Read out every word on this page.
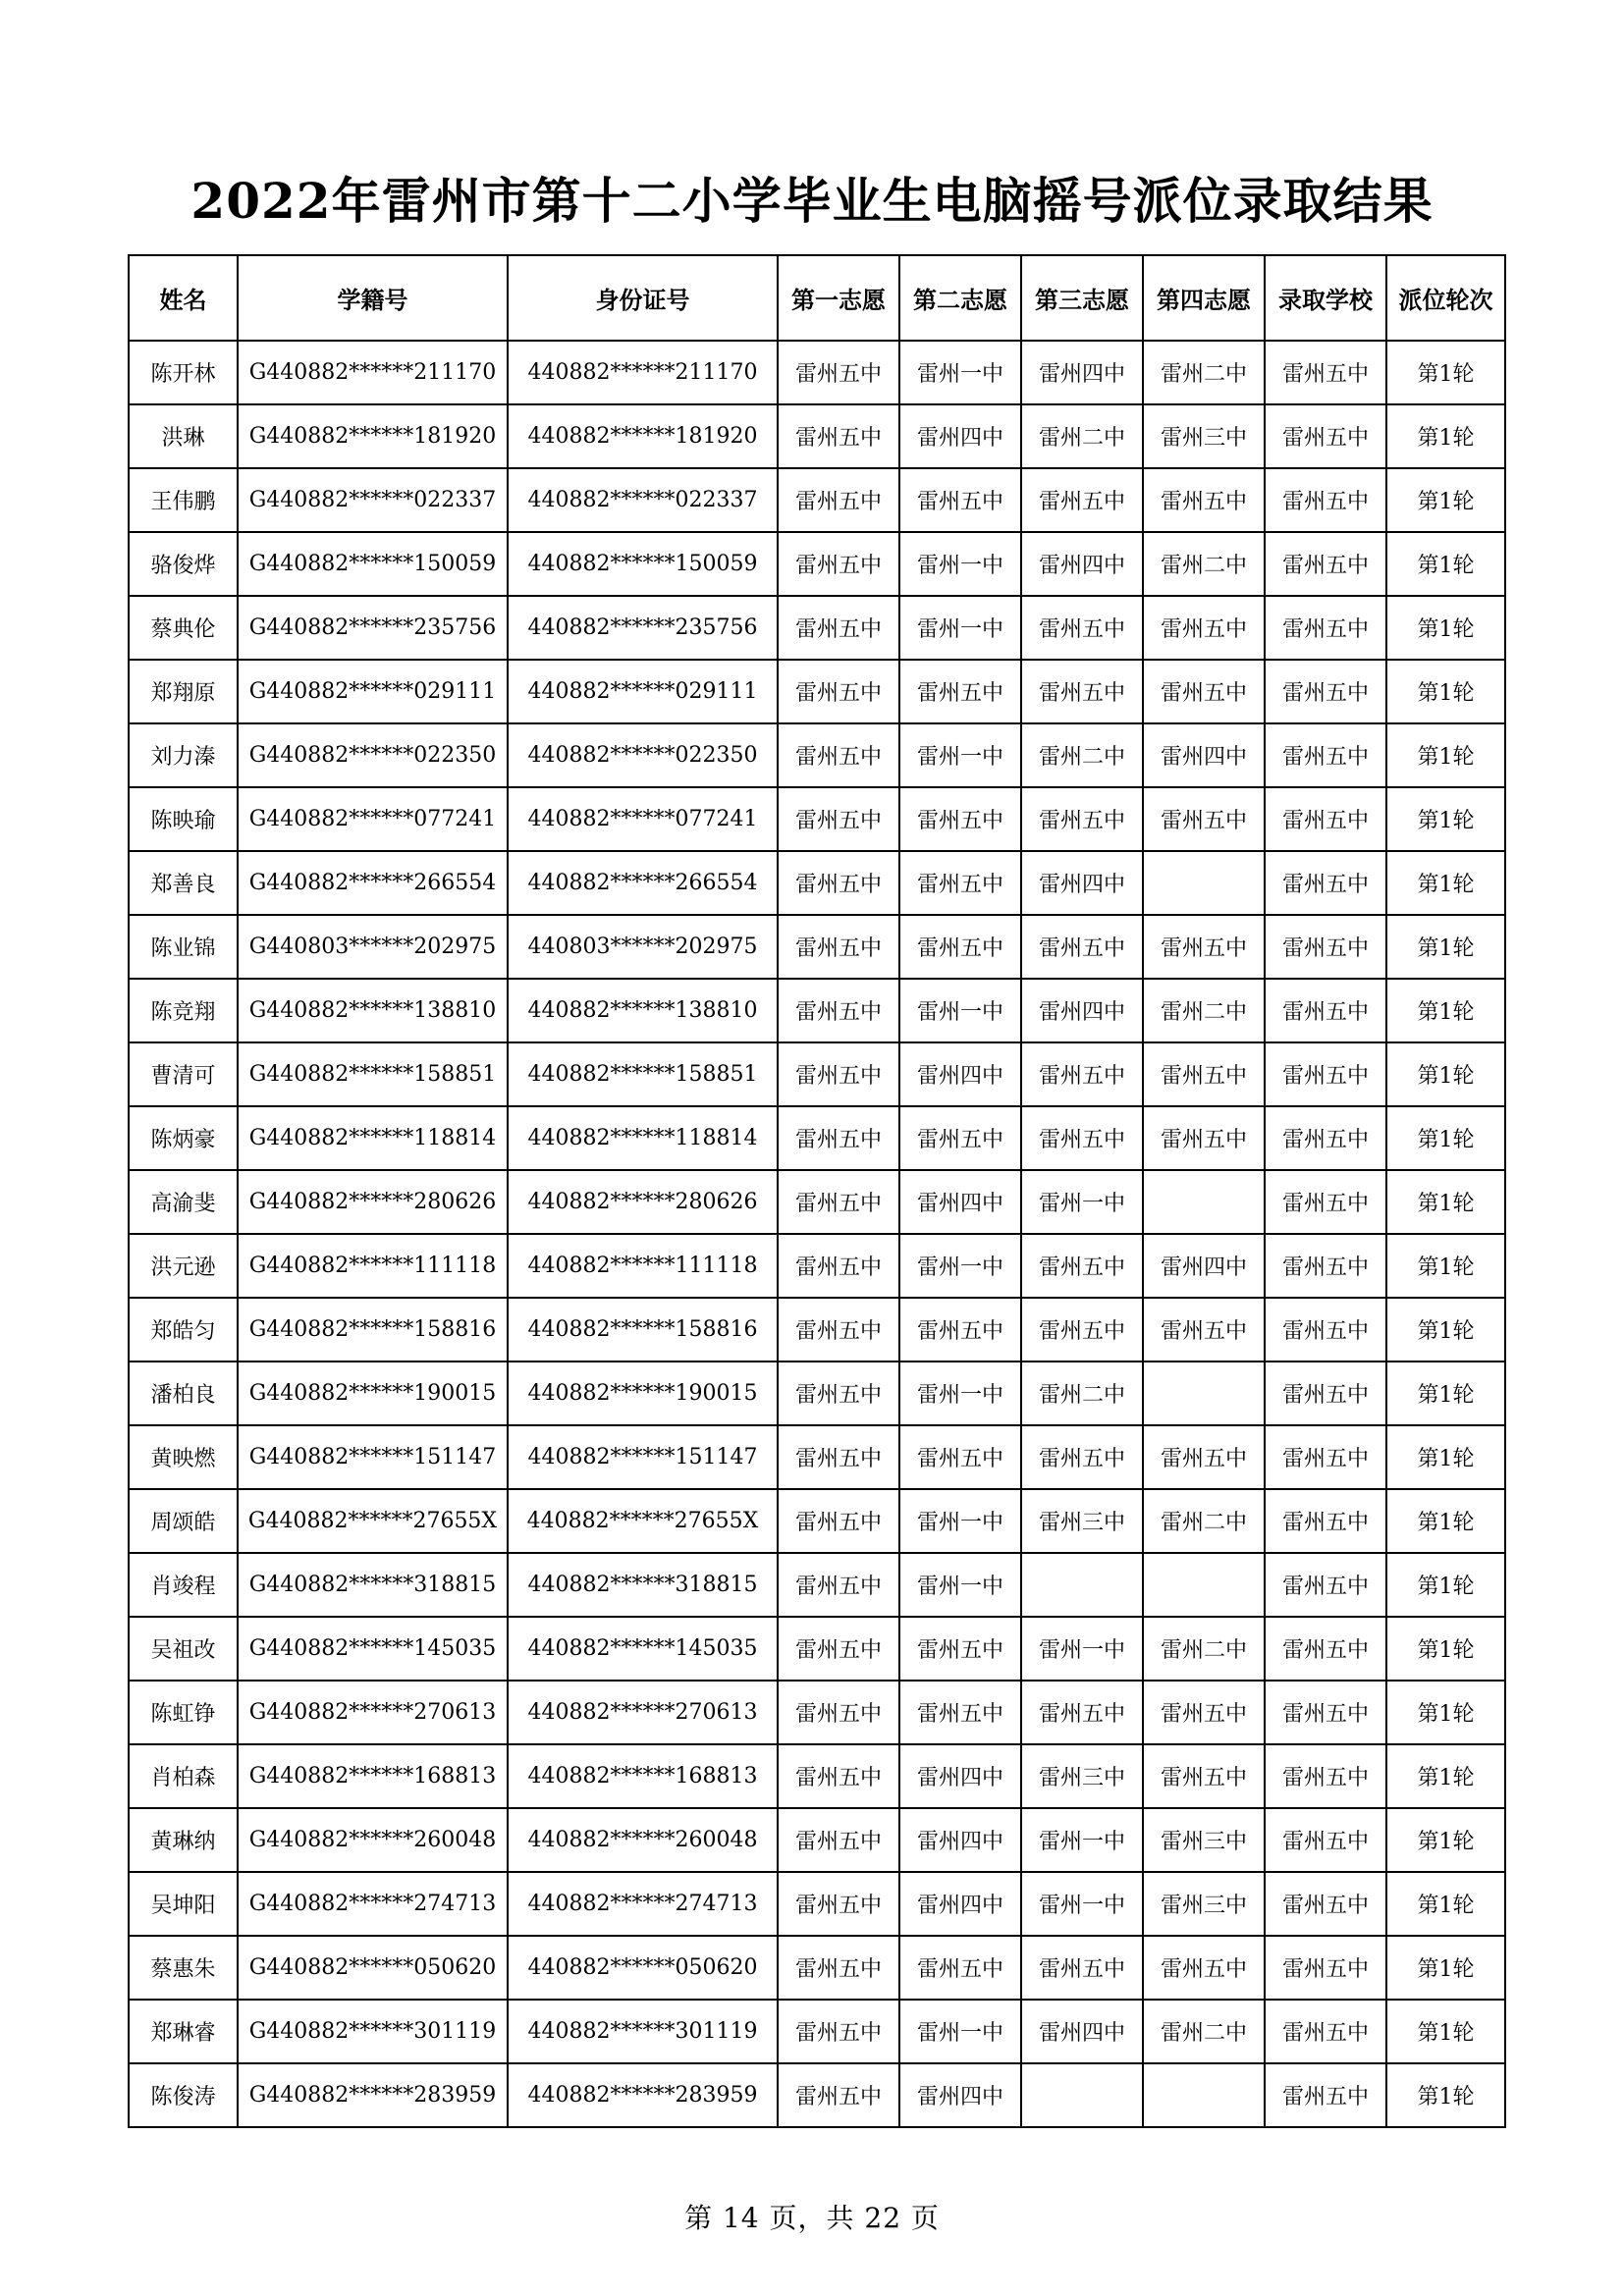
2022年雷州市第十二小学毕业生电脑摇号派位录取结果
姓名	学籍号	身份证号	第一志愿	第二志愿	第三志愿	第四志愿	录取学校	派位轮次
陈开林	G440882******211170	440882******211170	雷州五中	雷州一中	雷州四中	雷州二中	雷州五中	第1轮
洪琳	G440882******181920	440882******181920	雷州五中	雷州四中	雷州二中	雷州三中	雷州五中	第1轮
王伟鹏	G440882******022337	440882******022337	雷州五中	雷州五中	雷州五中	雷州五中	雷州五中	第1轮
骆俊烨	G440882******150059	440882******150059	雷州五中	雷州一中	雷州四中	雷州二中	雷州五中	第1轮
蔡典伦	G440882******235756	440882******235756	雷州五中	雷州一中	雷州五中	雷州五中	雷州五中	第1轮
郑翔原	G440882******029111	440882******029111	雷州五中	雷州五中	雷州五中	雷州五中	雷州五中	第1轮
刘力溱	G440882******022350	440882******022350	雷州五中	雷州一中	雷州二中	雷州四中	雷州五中	第1轮
陈映瑜	G440882******077241	440882******077241	雷州五中	雷州五中	雷州五中	雷州五中	雷州五中	第1轮
郑善良	G440882******266554	440882******266554	雷州五中	雷州五中	雷州四中		雷州五中	第1轮
陈业锦	G440803******202975	440803******202975	雷州五中	雷州五中	雷州五中	雷州五中	雷州五中	第1轮
陈竞翔	G440882******138810	440882******138810	雷州五中	雷州一中	雷州四中	雷州二中	雷州五中	第1轮
曹清可	G440882******158851	440882******158851	雷州五中	雷州四中	雷州五中	雷州五中	雷州五中	第1轮
陈炳豪	G440882******118814	440882******118814	雷州五中	雷州五中	雷州五中	雷州五中	雷州五中	第1轮
高渝斐	G440882******280626	440882******280626	雷州五中	雷州四中	雷州一中		雷州五中	第1轮
洪元逊	G440882******111118	440882******111118	雷州五中	雷州一中	雷州五中	雷州四中	雷州五中	第1轮
郑皓匀	G440882******158816	440882******158816	雷州五中	雷州五中	雷州五中	雷州五中	雷州五中	第1轮
潘柏良	G440882******190015	440882******190015	雷州五中	雷州一中	雷州二中		雷州五中	第1轮
黄映燃	G440882******151147	440882******151147	雷州五中	雷州五中	雷州五中	雷州五中	雷州五中	第1轮
周颂皓	G440882******27655X	440882******27655X	雷州五中	雷州一中	雷州三中	雷州二中	雷州五中	第1轮
肖竣程	G440882******318815	440882******318815	雷州五中	雷州一中			雷州五中	第1轮
吴祖改	G440882******145035	440882******145035	雷州五中	雷州五中	雷州一中	雷州二中	雷州五中	第1轮
陈虹铮	G440882******270613	440882******270613	雷州五中	雷州五中	雷州五中	雷州五中	雷州五中	第1轮
肖柏森	G440882******168813	440882******168813	雷州五中	雷州四中	雷州三中	雷州五中	雷州五中	第1轮
黄琳纳	G440882******260048	440882******260048	雷州五中	雷州四中	雷州一中	雷州三中	雷州五中	第1轮
吴坤阳	G440882******274713	440882******274713	雷州五中	雷州四中	雷州一中	雷州三中	雷州五中	第1轮
蔡惠朱	G440882******050620	440882******050620	雷州五中	雷州五中	雷州五中	雷州五中	雷州五中	第1轮
郑琳睿	G440882******301119	440882******301119	雷州五中	雷州一中	雷州四中	雷州二中	雷州五中	第1轮
陈俊涛	G440882******283959	440882******283959	雷州五中	雷州四中			雷州五中	第1轮
第 14 页，共 22 页
